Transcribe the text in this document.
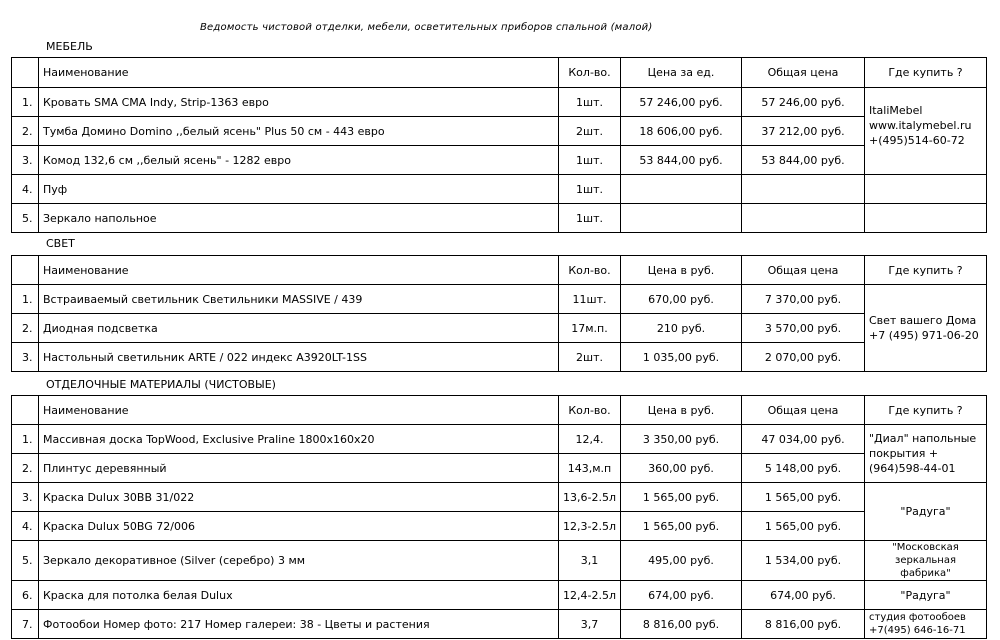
Ведомость чистовой отделки, мебели, осветительных приборов спальной (малой)
МЕБЕЛЬ
	Наименование	Кол-во.	Цена за ед.	Общая цена	Где купить ?
1.	Кровать SMA CMA Indy, Strip-1363 евро	1шт.	57 246,00 руб.	57 246,00 руб.	ItaliMebel
www.italymebel.ru
+(495)514-60-72

2.	Тумба Домино Domino ,,белый ясень" Plus 50 см - 443 евро	2шт.	18 606,00 руб.	37 212,00 руб.	
3.	Комод 132,6 см ,,белый ясень" - 1282 евро	1шт.	53 844,00 руб.	53 844,00 руб.	
4.	Пуф	1шт.			
5.	Зеркало напольное	1шт.			
СВЕТ
	Наименование	Кол-во.	Цена в руб.	Общая цена	Где купить ?
1.	Встраиваемый светильник Светильники MASSIVE / 439	11шт.	670,00 руб.	7 370,00 руб.	Свет вашего Дома
+7 (495) 971-06-20

2.	Диодная подсветка	17м.п.	210 руб.	3 570,00 руб.	
3.	Настольный светильник ARTE / 022 индекс A3920LT-1SS	2шт.	1 035,00 руб.	2 070,00 руб.	
ОТДЕЛОЧНЫЕ МАТЕРИАЛЫ (ЧИСТОВЫЕ)
	Наименование	Кол-во.	Цена в руб.	Общая цена	Где купить ?
1.	Массивная доска TopWood, Exclusive Praline 1800x160x20	12,4.	3 350,00 руб.	47 034,00 руб.	"Диал" напольные покрытия +(964)598-44-01
2.	Плинтус деревянный	143,м.п	360,00 руб.	5 148,00 руб.	
3.	Краска Dulux 30BB 31/022	13,6-2.5л	1 565,00 руб.	1 565,00 руб.	"Радуга"
4.	Краска Dulux 50BG 72/006	12,3-2.5л	1 565,00 руб.	1 565,00 руб.	
5.	Зеркало декоративное (Silver (серебро) 3 мм	3,1	495,00 руб.	1 534,00 руб.	"Московская зеркальная фабрика"
6.	Краска для потолка белая Dulux	12,4-2.5л	674,00 руб.	674,00 руб.	"Радуга"
7.	Фотообои Номер фото: 217 Номер галереи: 38 - Цветы и растения	3,7	8 816,00 руб.	8 816,00 руб.	студия фотообоев +7(495) 646-16-71
